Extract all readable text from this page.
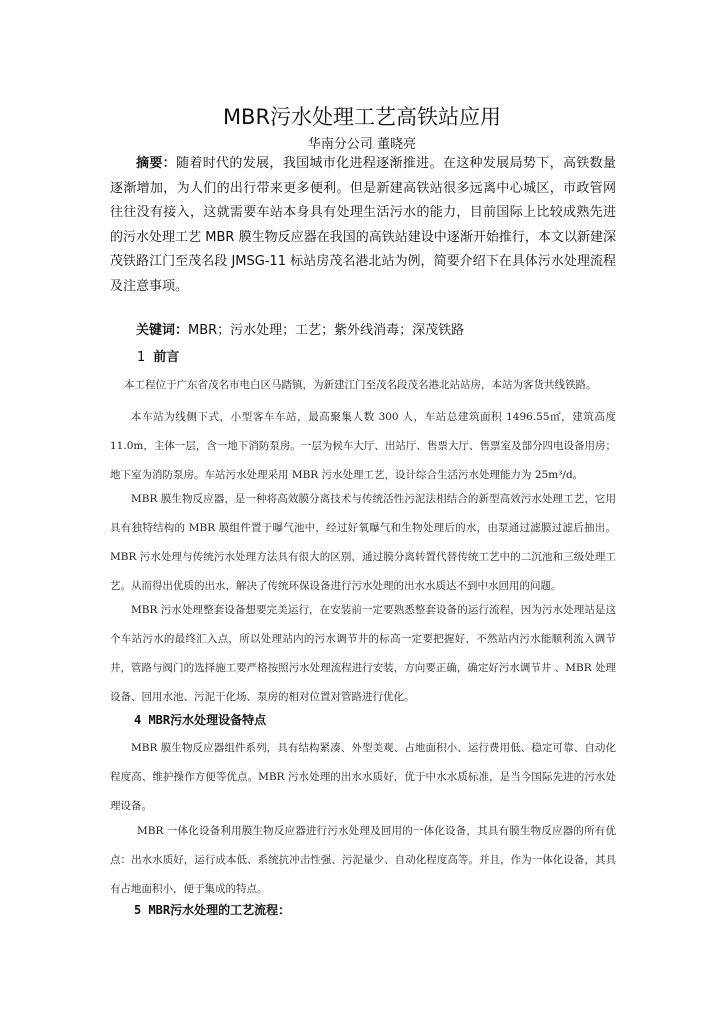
MBR污水处理工艺高铁站应用
华南分公司 董晓亮

摘要：随着时代的发展，我国城市化进程逐渐推进。在这种发展局势下，高铁数量逐渐增加，为人们的出行带来更多便利。但是新建高铁站很多远离中心城区，市政管网往往没有接入，这就需要车站本身具有处理生活污水的能力，目前国际上比较成熟先进的污水处理工艺 MBR 膜生物反应器在我国的高铁站建设中逐渐开始推行，本文以新建深茂铁路江门至茂名段 JMSG-11 标站房茂名港北站为例，简要介绍下在具体污水处理流程及注意事项。

关键词：MBR；污水处理；工艺；紫外线消毒；深茂铁路
1 前言

本工程位于广东省茂名市电白区马踏镇，为新建江门至茂名段茂名港北站站房，本站为客货共线铁路。

本车站为线侧下式，小型客车车站，最高聚集人数 300 人，车站总建筑面积 1496.55㎡，建筑高度 11.0m，主体一层，含一地下消防泵房。一层为候车大厅、出站厅、售票大厅、售票室及部分四电设备用房；地下室为消防泵房。车站污水处理采用 MBR 污水处理工艺，设计综合生活污水处理能力为 25m³/d。

MBR 膜生物反应器，是一种将高效膜分离技术与传统活性污泥法相结合的新型高效污水处理工艺，它用具有独特结构的 MBR 膜组件置于曝气池中，经过好氧曝气和生物处理后的水，由泵通过滤膜过滤后抽出。MBR 污水处理与传统污水处理方法具有很大的区别，通过膜分离转置代替传统工艺中的二沉池和三级处理工艺。从而得出优质的出水，解决了传统环保设备进行污水处理的出水水质达不到中水回用的问题。

MBR 污水处理整套设备想要完美运行，在安装前一定要熟悉整套设备的运行流程，因为污水处理站是这个车站污水的最终汇入点，所以处理站内的污水调节井的标高一定要把握好，不然站内污水能顺利流入调节井，管路与阀门的选择施工要严格按照污水处理流程进行安装，方向要正确，确定好污水调节井 、MBR 处理设备、回用水池、污泥干化场、泵房的相对位置对管路进行优化。

4 MBR污水处理设备特点

MBR 膜生物反应器组件系列，具有结构紧凑、外型美观、占地面积小、运行费用低、稳定可靠、自动化程度高、维护操作方便等优点。MBR 污水处理的出水水质好，优于中水水质标准，是当今国际先进的污水处理设备。

MBR 一体化设备利用膜生物反应器进行污水处理及回用的一体化设备，其具有膜生物反应器的所有优点：出水水质好，运行成本低、系统抗冲击性强、污泥量少、自动化程度高等。并且，作为一体化设备，其具有占地面积小，便于集成的特点。

5 MBR污水处理的工艺流程：
